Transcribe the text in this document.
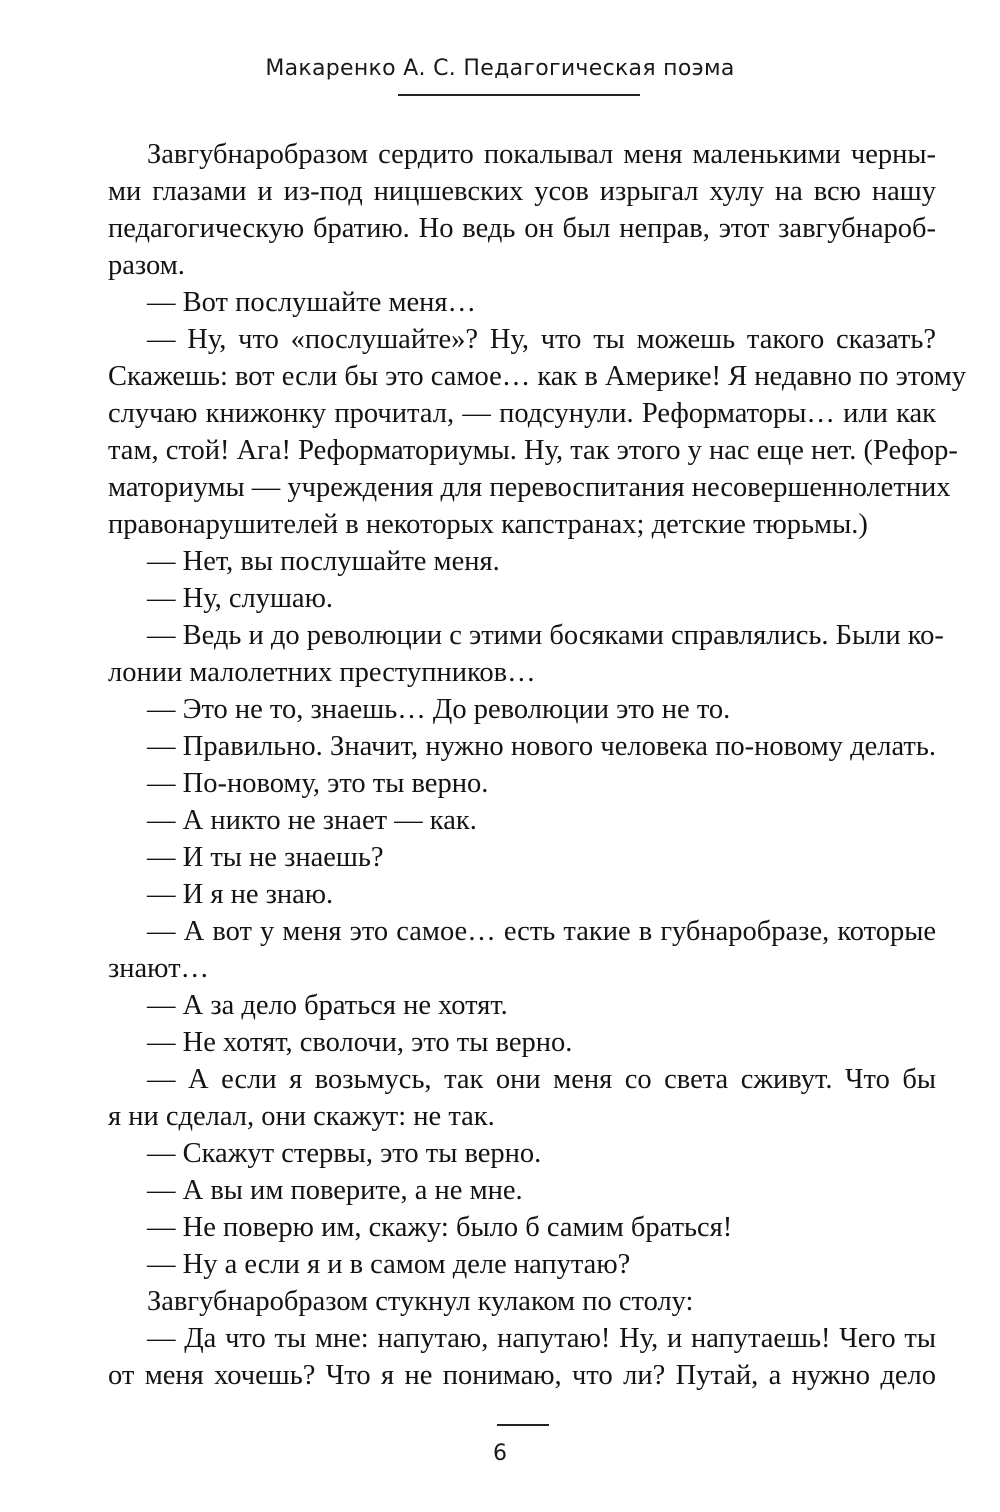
Макаренко А. С. Педагогическая поэма
Завгубнаробразом сердито покалывал меня маленькими черны-
ми глазами и из-под ницшевских усов изрыгал хулу на всю нашу
педагогическую братию. Но ведь он был неправ, этот завгубнароб-
разом.
— Вот послушайте меня…
— Ну, что «послушайте»? Ну, что ты можешь такого сказать?
Скажешь: вот если бы это самое… как в Америке! Я недавно по этому
случаю книжонку прочитал, — подсунули. Реформаторы… или как
там, стой! Ага! Реформаториумы. Ну, так этого у нас еще нет. (Рефор-
маториумы — учреждения для перевоспитания несовершеннолетних
правонарушителей в некоторых капстранах; детские тюрьмы.)
— Нет, вы послушайте меня.
— Ну, слушаю.
— Ведь и до революции с этими босяками справлялись. Были ко-
лонии малолетних преступников…
— Это не то, знаешь… До революции это не то.
— Правильно. Значит, нужно нового человека по-новому делать.
— По-новому, это ты верно.
— А никто не знает — как.
— И ты не знаешь?
— И я не знаю.
— А вот у меня это самое… есть такие в губнаробразе, которые
знают…
— А за дело браться не хотят.
— Не хотят, сволочи, это ты верно.
— А если я возьмусь, так они меня со света сживут. Что бы
я ни сделал, они скажут: не так.
— Скажут стервы, это ты верно.
— А вы им поверите, а не мне.
— Не поверю им, скажу: было б самим браться!
— Ну а если я и в самом деле напутаю?
Завгубнаробразом стукнул кулаком по столу:
— Да что ты мне: напутаю, напутаю! Ну, и напутаешь! Чего ты
от меня хочешь? Что я не понимаю, что ли? Путай, а нужно дело
6
